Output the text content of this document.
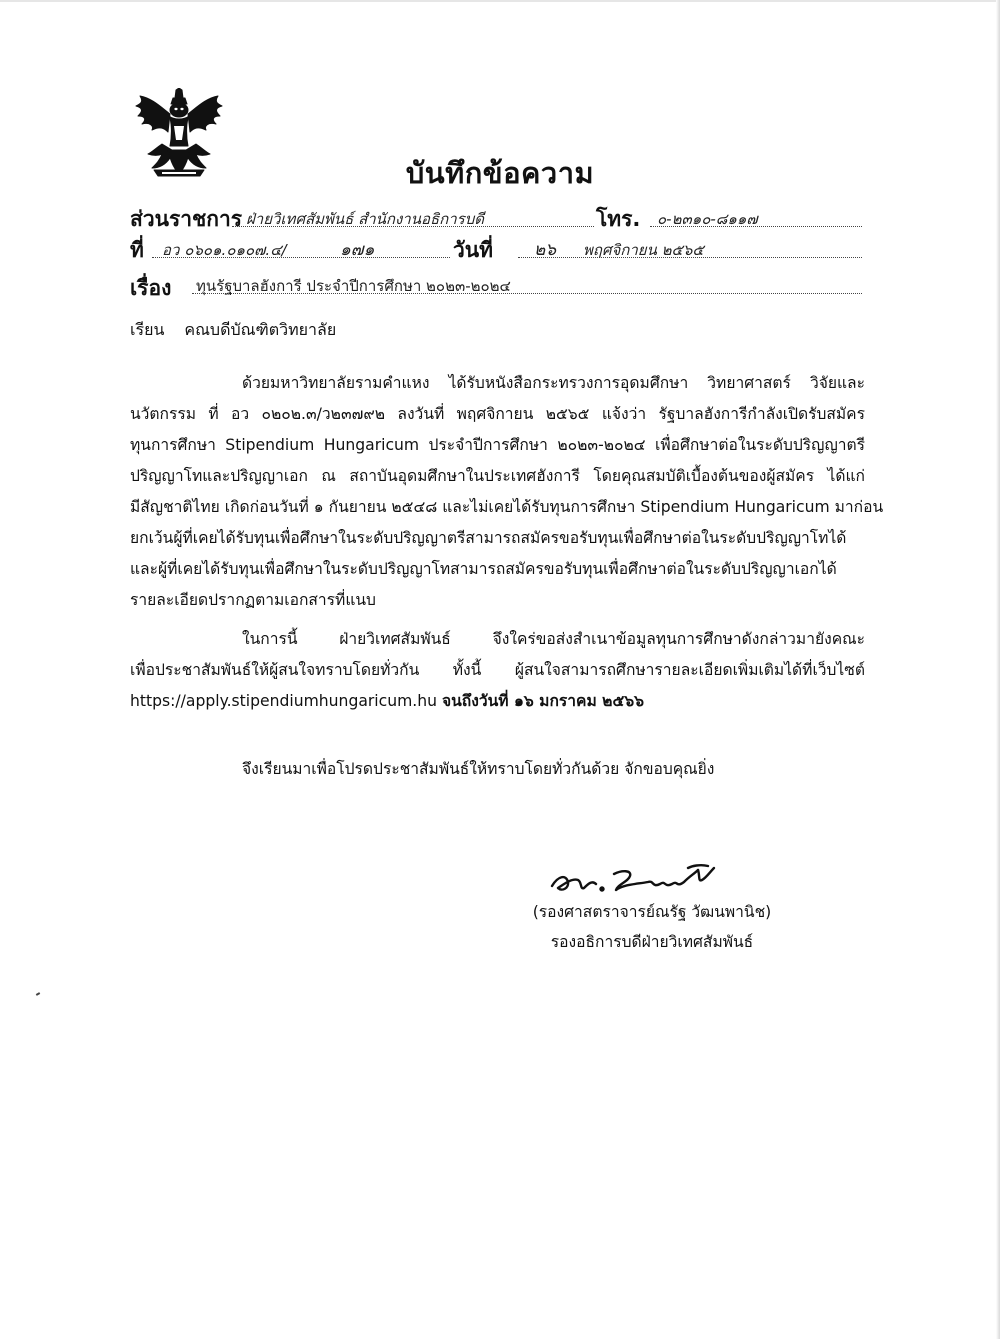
บันทึกข้อความ
ส่วนราชการ ฝ่ายวิเทศสัมพันธ์ สำนักงานอธิการบดี	โทร. ๐-๒๓๑๐-๘๑๑๗
ที่ อว ๐๖๐๑.๐๑๐๗.๔/	๑๗๑	วันที่ ๒๖ พฤศจิกายน ๒๕๖๕
เรื่อง ทุนรัฐบาลฮังการี ประจำปีการศึกษา ๒๐๒๓-๒๐๒๔
เรียน คณบดีบัณฑิตวิทยาลัย
ด้วยมหาวิทยาลัยรามคำแหง ได้รับหนังสือกระทรวงการอุดมศึกษา วิทยาศาสตร์ วิจัยและ
นวัตกรรม ที่ อว ๐๒๐๒.๓/ว๒๓๗๙๒ ลงวันที่ พฤศจิกายน ๒๕๖๕ แจ้งว่า รัฐบาลฮังการีกำลังเปิดรับสมัคร
ทุนการศึกษา Stipendium Hungaricum ประจำปีการศึกษา ๒๐๒๓-๒๐๒๔ เพื่อศึกษาต่อในระดับปริญญาตรี
ปริญญาโทและปริญญาเอก ณ สถาบันอุดมศึกษาในประเทศฮังการี โดยคุณสมบัติเบื้องต้นของผู้สมัคร ได้แก่
มีสัญชาติไทย เกิดก่อนวันที่ ๑ กันยายน ๒๕๔๘ และไม่เคยได้รับทุนการศึกษา Stipendium Hungaricum มาก่อน
ยกเว้นผู้ที่เคยได้รับทุนเพื่อศึกษาในระดับปริญญาตรีสามารถสมัครขอรับทุนเพื่อศึกษาต่อในระดับปริญญาโทได้
และผู้ที่เคยได้รับทุนเพื่อศึกษาในระดับปริญญาโทสามารถสมัครขอรับทุนเพื่อศึกษาต่อในระดับปริญญาเอกได้
รายละเอียดปรากฏตามเอกสารที่แนบ
ในการนี้ ฝ่ายวิเทศสัมพันธ์ จึงใคร่ขอส่งสำเนาข้อมูลทุนการศึกษาดังกล่าวมายังคณะ
เพื่อประชาสัมพันธ์ให้ผู้สนใจทราบโดยทั่วกัน ทั้งนี้ ผู้สนใจสามารถศึกษารายละเอียดเพิ่มเติมได้ที่เว็บไซต์
https://apply.stipendiumhungaricum.hu จนถึงวันที่ ๑๖ มกราคม ๒๕๖๖
จึงเรียนมาเพื่อโปรดประชาสัมพันธ์ให้ทราบโดยทั่วกันด้วย จักขอบคุณยิ่ง
(รองศาสตราจารย์ณรัฐ วัฒนพานิช)
รองอธิการบดีฝ่ายวิเทศสัมพันธ์
